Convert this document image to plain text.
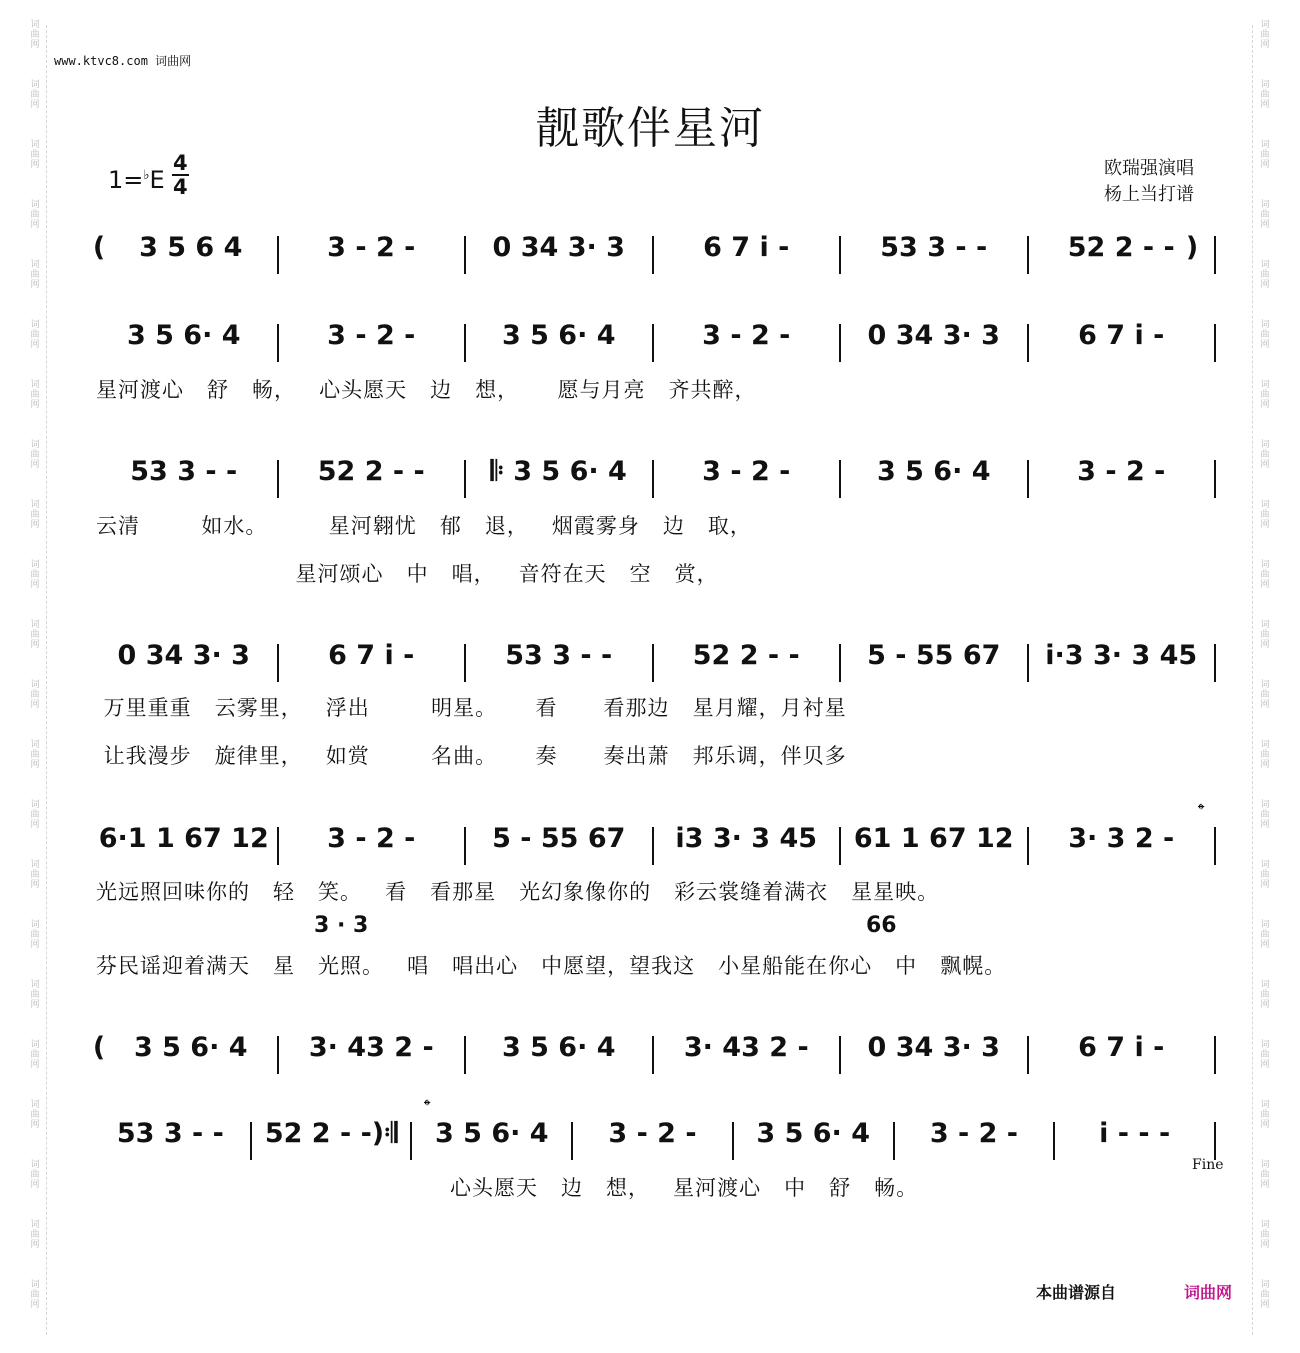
词
曲
网

词
曲
网

词
曲
网

词
曲
网

词
曲
网

词
曲
网

词
曲
网

词
曲
网

词
曲
网

词
曲
网

词
曲
网

词
曲
网

词
曲
网

词
曲
网

词
曲
网

词
曲
网

词
曲
网

词
曲
网

词
曲
网

词
曲
网

词
曲
网

词
曲
网
词
曲
网

词
曲
网

词
曲
网

词
曲
网

词
曲
网

词
曲
网

词
曲
网

词
曲
网

词
曲
网

词
曲
网

词
曲
网

词
曲
网

词
曲
网

词
曲
网

词
曲
网

词
曲
网

词
曲
网

词
曲
网

词
曲
网

词
曲
网

词
曲
网

词
曲
网
www.ktvc8.com 词曲网
靓歌伴星河
1=♭E
4
4
欧瑞强演唱
杨上当打谱
(	3 5 6 4	3 - 2 -	0 34 3· 3	6 7 i -	53 3 - -	52 2 - - )
3 5 6· 4	3 - 2 -	3 5 6· 4	3 - 2 -	0 34 3· 3	6 7 i -
53 3 - -	52 2 - -	𝄆 3 5 6· 4	3 - 2 -	3 5 6· 4	3 - 2 -
0 34 3· 3	6 7 i -	53 3 - -	52 2 - -	5 - 55 67	i·3 3· 3 45
6·1 1 67 12	3 - 2 -	5 - 55 67	i3 3· 3 45	61 1 67 12	3· 3 2 -
(	3 5 6· 4	3· 43 2 -	3 5 6· 4	3· 43 2 -	0 34 3· 3	6 7 i -
53 3 - -	52 2 - -)𝄇	3 5 6· 4	3 - 2 -	3 5 6· 4	3 - 2 -	i - - -
星河渡心   舒   畅，   心头愿天   边   想，     愿与月亮   齐共醉，
云清        如水。        星河翱忧   郁   退，   烟霞雾身   边   取，
星河颂心   中   唱，   音符在天   空   赏，
万里重重   云雾里，   浮出        明星。     看      看那边   星月耀，月衬星
让我漫步   旋律里，   如赏        名曲。     奏      奏出萧   邦乐调，伴贝多
光远照回味你的   轻   笑。   看   看那星   光幻象像你的   彩云裳缝着满衣   星星映。
芬民谣迎着满天   星   光照。   唱   唱出心   中愿望，望我这   小星船能在你心   中   飘幌。
心头愿天   边   想，   星河渡心   中   舒   畅。
3 · 3	66
𝄌
𝄌
Fine
本曲谱源自	词曲网
